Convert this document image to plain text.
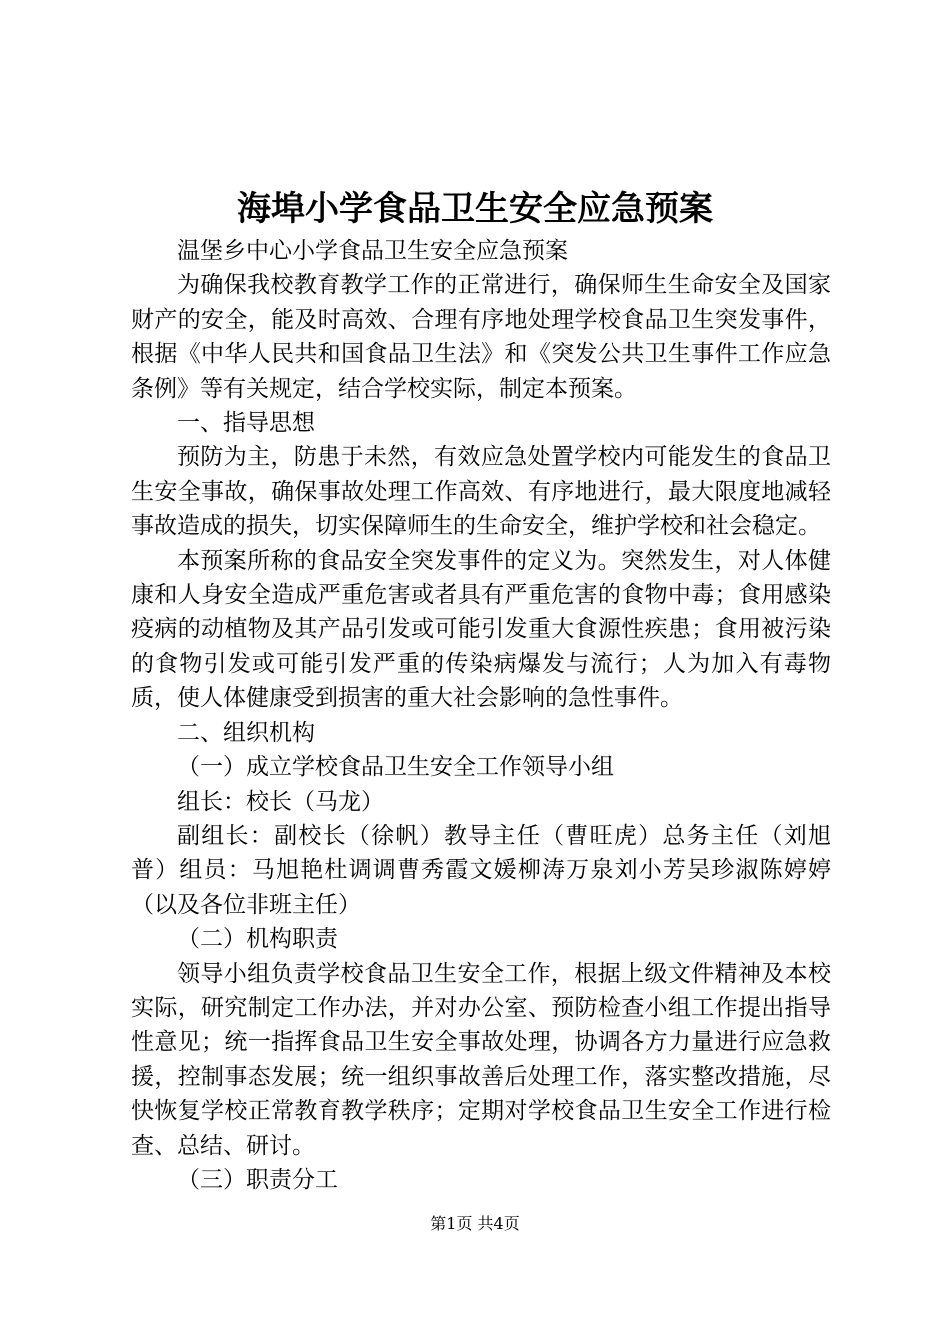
海埠小学食品卫生安全应急预案

温堡乡中心小学食品卫生安全应急预案

为确保我校教育教学工作的正常进行，确保师生生命安全及国家财产的安全，能及时高效、合理有序地处理学校食品卫生突发事件，根据《中华人民共和国食品卫生法》和《突发公共卫生事件工作应急条例》等有关规定，结合学校实际，制定本预案。

一、指导思想

预防为主，防患于未然，有效应急处置学校内可能发生的食品卫生安全事故，确保事故处理工作高效、有序地进行，最大限度地减轻事故造成的损失，切实保障师生的生命安全，维护学校和社会稳定。

本预案所称的食品安全突发事件的定义为。突然发生，对人体健康和人身安全造成严重危害或者具有严重危害的食物中毒；食用感染疫病的动植物及其产品引发或可能引发重大食源性疾患；食用被污染的食物引发或可能引发严重的传染病爆发与流行；人为加入有毒物质，使人体健康受到损害的重大社会影响的急性事件。

二、组织机构

（一）成立学校食品卫生安全工作领导小组

组长：校长（马龙）

副组长：副校长（徐帆）教导主任（曹旺虎）总务主任（刘旭普）组员：马旭艳杜调调曹秀霞文媛柳涛万泉刘小芳吴珍淑陈婷婷（以及各位非班主任）

（二）机构职责

领导小组负责学校食品卫生安全工作，根据上级文件精神及本校实际，研究制定工作办法，并对办公室、预防检查小组工作提出指导性意见；统一指挥食品卫生安全事故处理，协调各方力量进行应急救援，控制事态发展；统一组织事故善后处理工作，落实整改措施，尽快恢复学校正常教育教学秩序；定期对学校食品卫生安全工作进行检查、总结、研讨。

（三）职责分工

第1页 共4页
